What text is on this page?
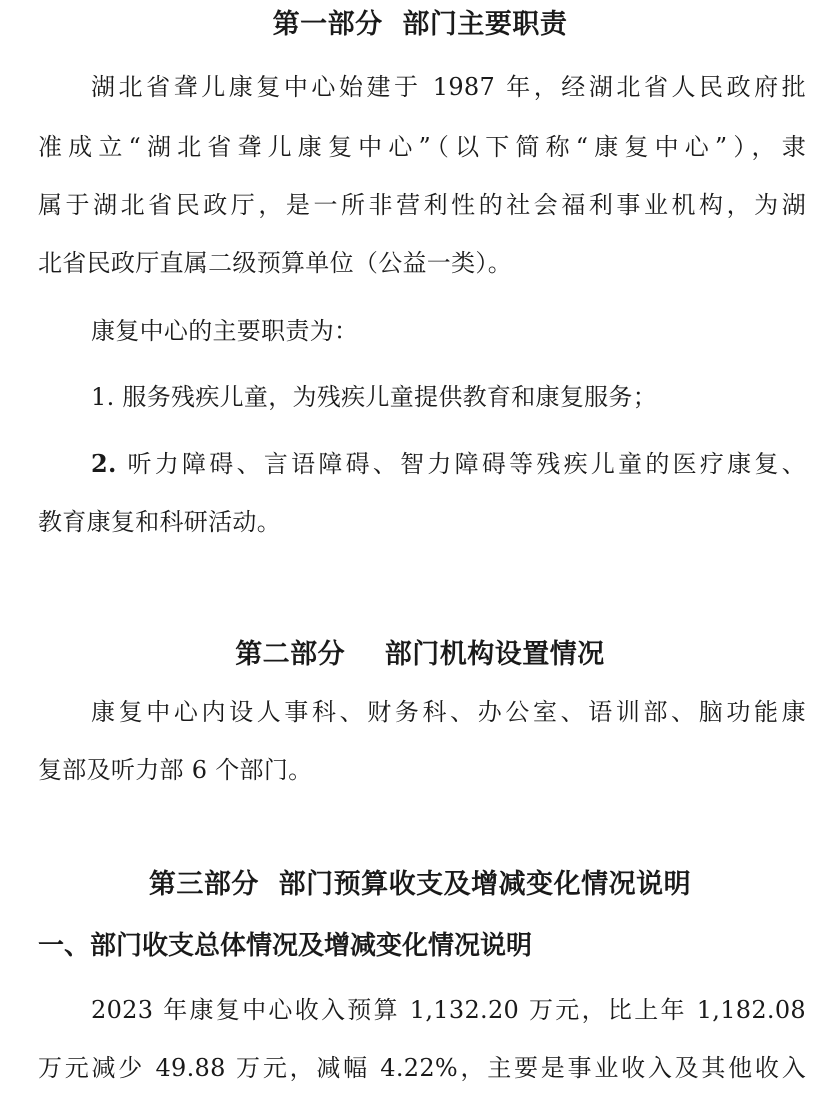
第一部分  部门主要职责
湖北省聋儿康复中心始建于 1987 年，经湖北省人民政府批
准成立“湖北省聋儿康复中心”（以下简称“康复中心”），隶
属于湖北省民政厅，是一所非营利性的社会福利事业机构，为湖
北省民政厅直属二级预算单位（公益一类）。
康复中心的主要职责为：
1. 服务残疾儿童，为残疾儿童提供教育和康复服务；
2. 听力障碍、言语障碍、智力障碍等残疾儿童的医疗康复、
教育康复和科研活动。
第二部分    部门机构设置情况
康复中心内设人事科、财务科、办公室、语训部、脑功能康
复部及听力部 6 个部门。
第三部分  部门预算收支及增减变化情况说明
一、部门收支总体情况及增减变化情况说明
2023 年康复中心收入预算 1,132.20 万元，比上年 1,182.08
万元减少 49.88 万元，减幅 4.22%，主要是事业收入及其他收入
